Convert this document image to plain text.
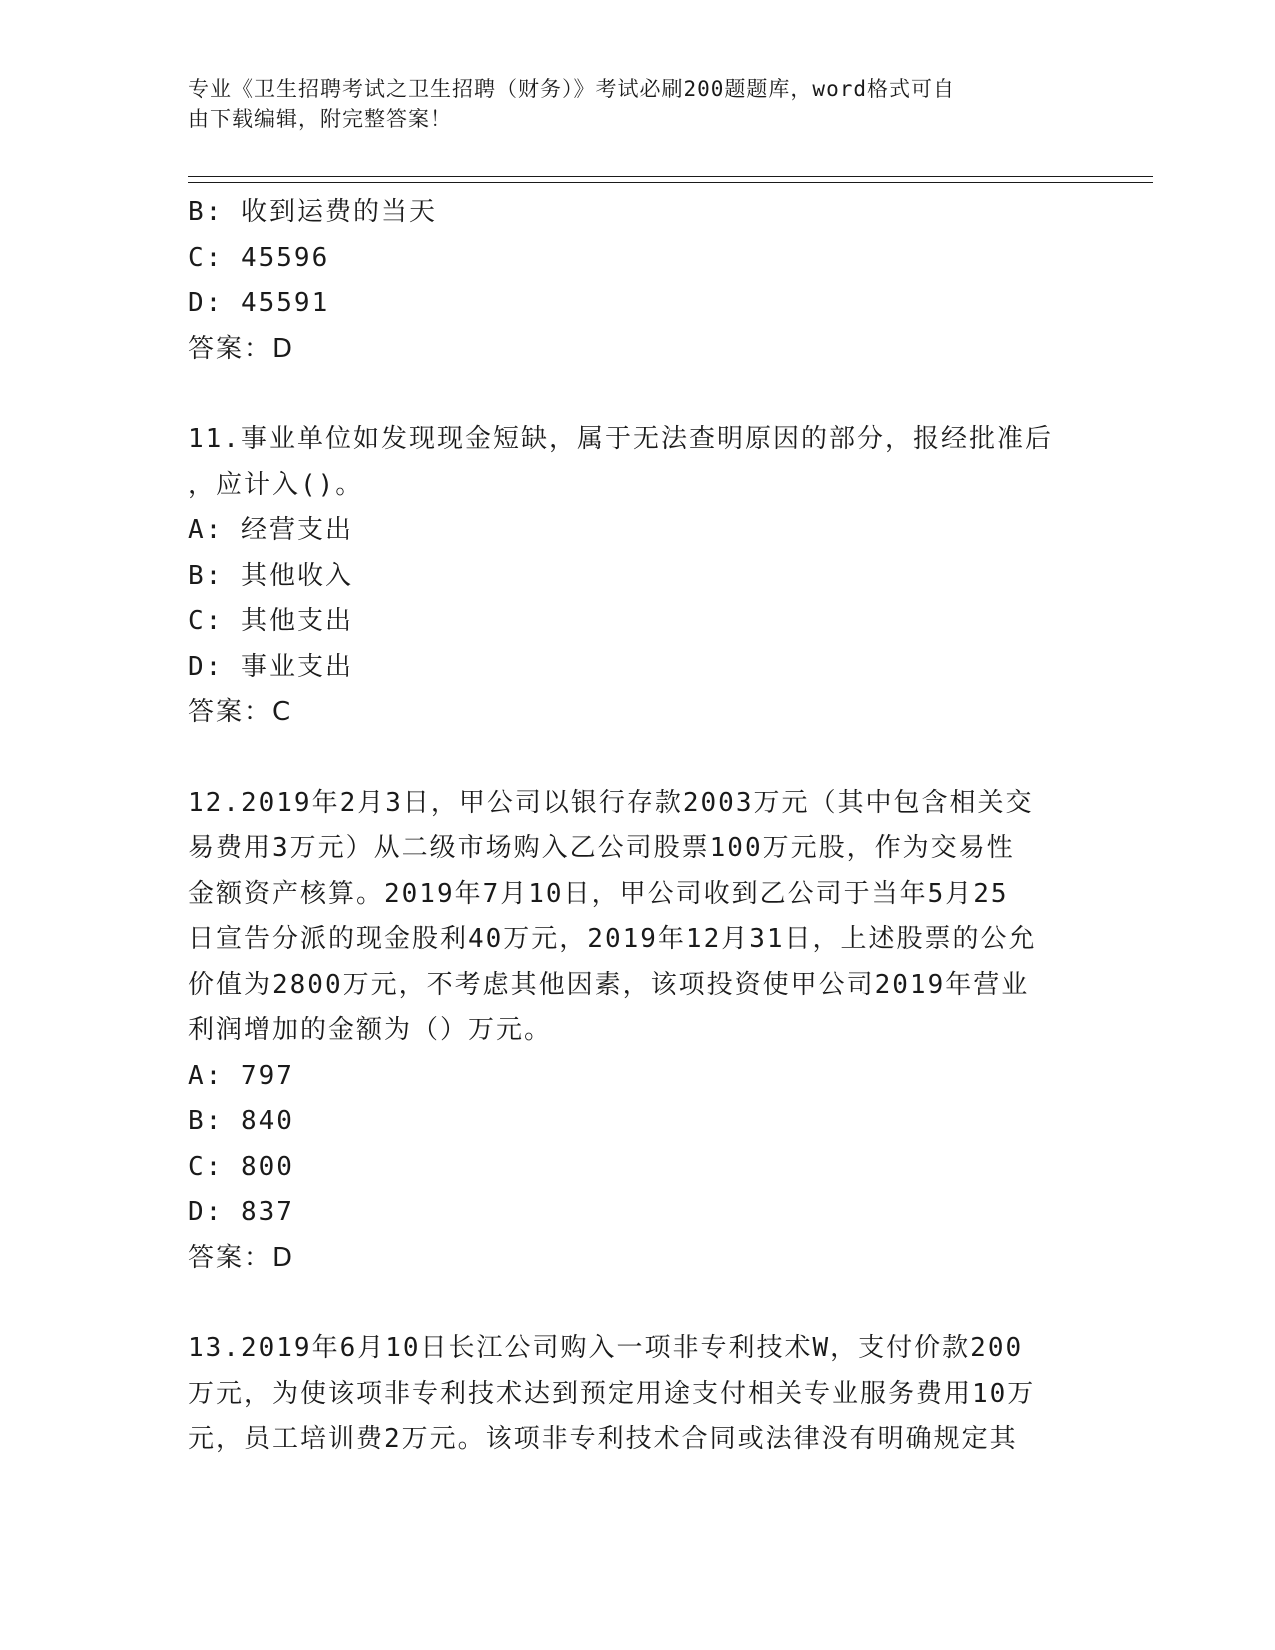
专业《卫生招聘考试之卫生招聘（财务）》考试必刷200题题库，word格式可自
由下载编辑，附完整答案！
B: 收到运费的当天
C: 45596
D: 45591
答案：D
11.事业单位如发现现金短缺，属于无法查明原因的部分，报经批准后
，应计入()。
A: 经营支出
B: 其他收入
C: 其他支出
D: 事业支出
答案：C
12.2019年2月3日，甲公司以银行存款2003万元（其中包含相关交
易费用3万元）从二级市场购入乙公司股票100万元股，作为交易性
金额资产核算。2019年7月10日，甲公司收到乙公司于当年5月25
日宣告分派的现金股利40万元，2019年12月31日，上述股票的公允
价值为2800万元，不考虑其他因素，该项投资使甲公司2019年营业
利润增加的金额为（）万元。
A: 797
B: 840
C: 800
D: 837
答案：D
13.2019年6月10日长江公司购入一项非专利技术W，支付价款200
万元，为使该项非专利技术达到预定用途支付相关专业服务费用10万
元，员工培训费2万元。该项非专利技术合同或法律没有明确规定其
